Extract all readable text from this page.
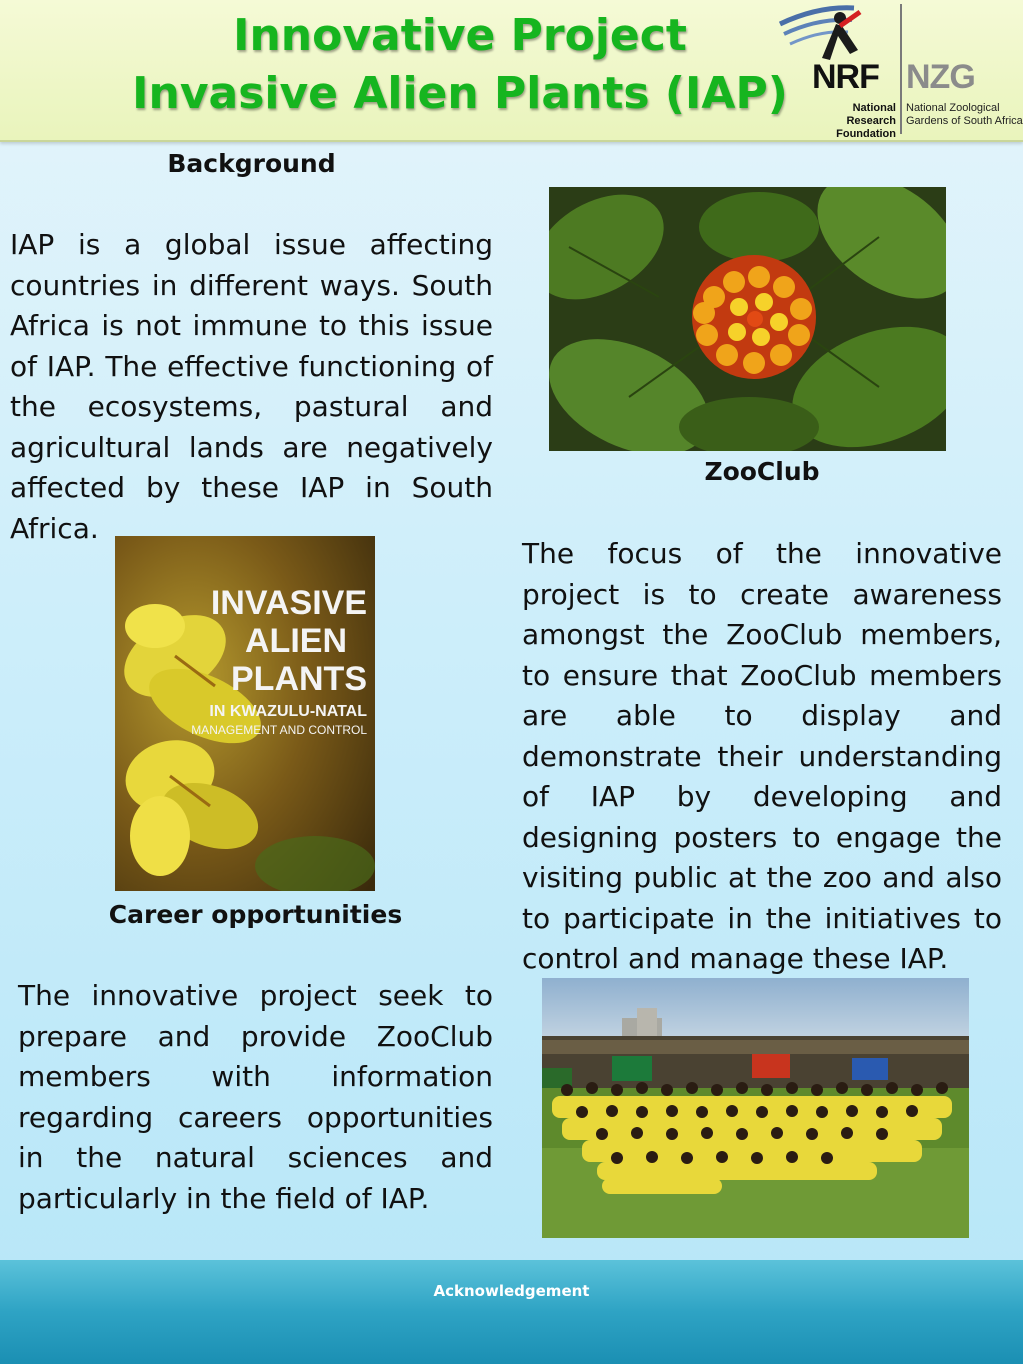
Innovative Project
Invasive Alien Plants (IAP) NRF
National Research Foundation
NZG
National Zoological Gardens of South Africa
Background
IAP is a global issue affecting countries in different ways. South Africa is not immune to this issue of IAP. The effective functioning of the ecosystems, pastural and agricultural lands are negatively affected by these IAP in South Africa.
INVASIVE
ALIEN
PLANTS
IN KWAZULU-NATAL
MANAGEMENT AND CONTROL
Career opportunities
The innovative project seek to prepare and provide ZooClub members with information regarding careers opportunities in the natural sciences and particularly in the field of IAP.
ZooClub
The focus of the innovative project is to create awareness amongst the ZooClub members, to ensure that ZooClub members are able to display and demonstrate their understanding of IAP by developing and designing posters to engage the visiting public at the zoo and also to participate in the initiatives to control and manage these IAP.
Acknowledgement
